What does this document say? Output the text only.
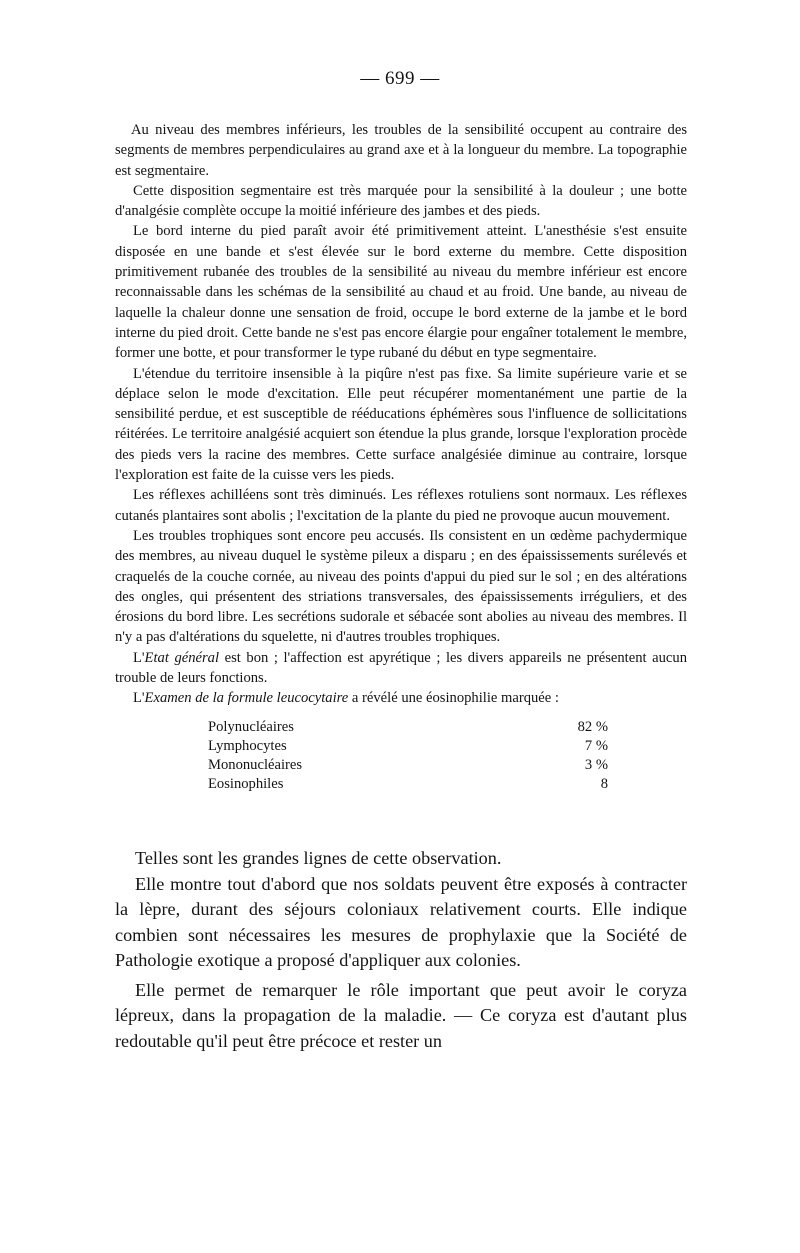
— 699 —

Au niveau des membres inférieurs, les troubles de la sensibilité occupent au contraire des segments de membres perpendiculaires au grand axe et à la longueur du membre. La topographie est segmentaire.

Cette disposition segmentaire est très marquée pour la sensibilité à la douleur ; une botte d'analgésie complète occupe la moitié inférieure des jambes et des pieds.

Le bord interne du pied paraît avoir été primitivement atteint. L'anesthésie s'est ensuite disposée en une bande et s'est élevée sur le bord externe du membre. Cette disposition primitivement rubanée des troubles de la sensibilité au niveau du membre inférieur est encore reconnaissable dans les schémas de la sensibilité au chaud et au froid. Une bande, au niveau de laquelle la chaleur donne une sensation de froid, occupe le bord externe de la jambe et le bord interne du pied droit. Cette bande ne s'est pas encore élargie pour engaîner totalement le membre, former une botte, et pour transformer le type rubané du début en type segmentaire.

L'étendue du territoire insensible à la piqûre n'est pas fixe. Sa limite supérieure varie et se déplace selon le mode d'excitation. Elle peut récupérer momentanément une partie de la sensibilité perdue, et est susceptible de rééducations éphémères sous l'influence de sollicitations réitérées. Le territoire analgésié acquiert son étendue la plus grande, lorsque l'exploration procède des pieds vers la racine des membres. Cette surface analgésiée diminue au contraire, lorsque l'exploration est faite de la cuisse vers les pieds.

Les réflexes achilléens sont très diminués. Les réflexes rotuliens sont normaux. Les réflexes cutanés plantaires sont abolis ; l'excitation de la plante du pied ne provoque aucun mouvement.

Les troubles trophiques sont encore peu accusés. Ils consistent en un œdème pachydermique des membres, au niveau duquel le système pileux a disparu ; en des épaississements surélevés et craquelés de la couche cornée, au niveau des points d'appui du pied sur le sol ; en des altérations des ongles, qui présentent des striations transversales, des épaississements irréguliers, et des érosions du bord libre. Les secrétions sudorale et sébacée sont abolies au niveau des membres. Il n'y a pas d'altérations du squelette, ni d'autres troubles trophiques.

L'Etat général est bon ; l'affection est apyrétique ; les divers appareils ne présentent aucun trouble de leurs fonctions.

L'Examen de la formule leucocytaire a révélé une éosinophilie marquée :

Polynucléaires	82 %
Lymphocytes	7 %
Mononucléaires	3 %
Eosinophiles	8

Telles sont les grandes lignes de cette observation.

Elle montre tout d'abord que nos soldats peuvent être exposés à contracter la lèpre, durant des séjours coloniaux relativement courts. Elle indique combien sont nécessaires les mesures de prophylaxie que la Société de Pathologie exotique a proposé d'appliquer aux colonies.

Elle permet de remarquer le rôle important que peut avoir le coryza lépreux, dans la propagation de la maladie. — Ce coryza est d'autant plus redoutable qu'il peut être précoce et rester un
